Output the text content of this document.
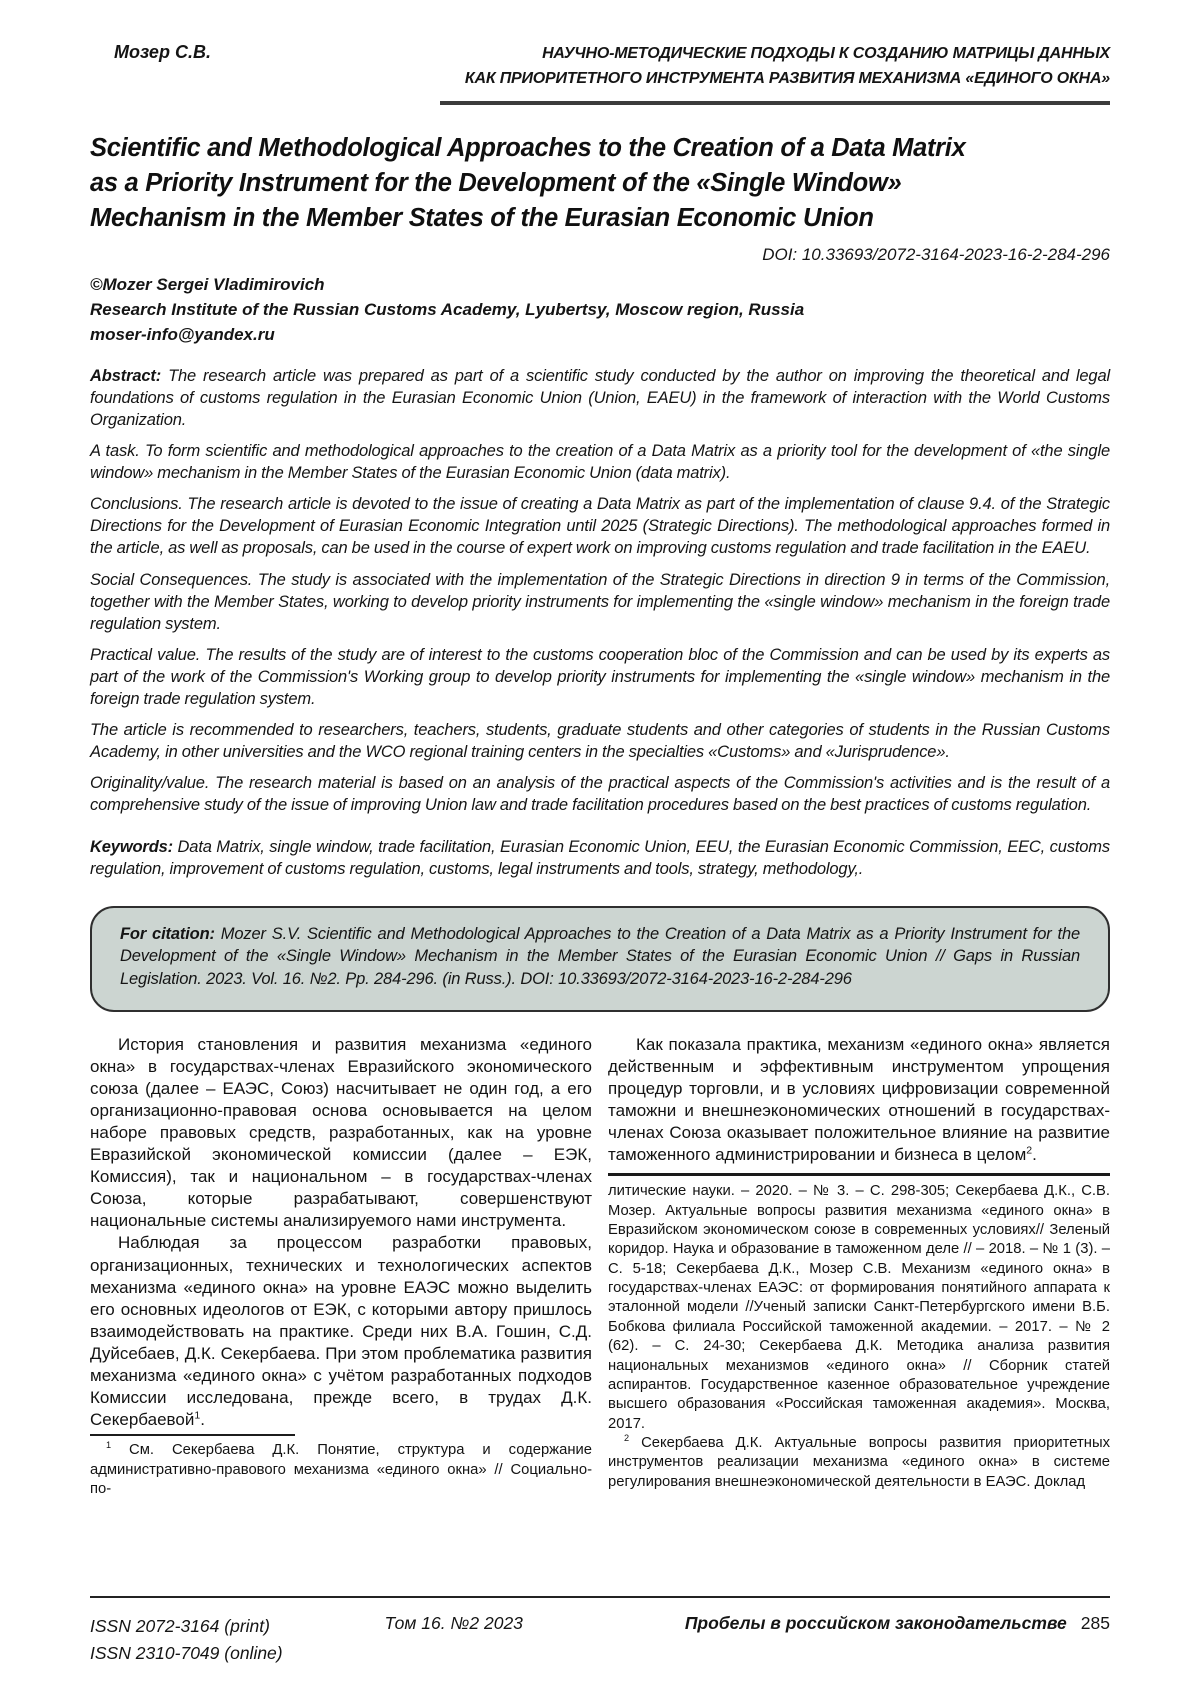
Мозер С.В.	НАУЧНО-МЕТОДИЧЕСКИЕ ПОДХОДЫ К СОЗДАНИЮ МАТРИЦЫ ДАННЫХ
КАК ПРИОРИТЕТНОГО ИНСТРУМЕНТА РАЗВИТИЯ МЕХАНИЗМА «ЕДИНОГО ОКНА»
Scientific and Methodological Approaches to the Creation of a Data Matrix
as a Priority Instrument for the Development of the «Single Window»
Mechanism in the Member States of the Eurasian Economic Union
DOI: 10.33693/2072-3164-2023-16-2-284-296
©Mozer Sergei Vladimirovich
Research Institute of the Russian Customs Academy, Lyubertsy, Moscow region, Russia
moser-info@yandex.ru

Abstract: The research article was prepared as part of a scientific study conducted by the author on improving the theoretical and legal foundations of customs regulation in the Eurasian Economic Union (Union, EAEU) in the framework of interaction with the World Customs Organization.

A task. To form scientific and methodological approaches to the creation of a Data Matrix as a priority tool for the development of «the single window» mechanism in the Member States of the Eurasian Economic Union (data matrix).

Conclusions. The research article is devoted to the issue of creating a Data Matrix as part of the implementation of clause 9.4. of the Strategic Directions for the Development of Eurasian Economic Integration until 2025 (Strategic Directions). The methodological approaches formed in the article, as well as proposals, can be used in the course of expert work on improving customs regulation and trade facilitation in the EAEU.

Social Consequences. The study is associated with the implementation of the Strategic Directions in direction 9 in terms of the Commission, together with the Member States, working to develop priority instruments for implementing the «single window» mechanism in the foreign trade regulation system.

Practical value. The results of the study are of interest to the customs cooperation bloc of the Commission and can be used by its experts as part of the work of the Commission's Working group to develop priority instruments for implementing the «single window» mechanism in the foreign trade regulation system.

The article is recommended to researchers, teachers, students, graduate students and other categories of students in the Russian Customs Academy, in other universities and the WCO regional training centers in the specialties «Customs» and «Jurisprudence».

Originality/value. The research material is based on an analysis of the practical aspects of the Commission's activities and is the result of a comprehensive study of the issue of improving Union law and trade facilitation procedures based on the best practices of customs regulation.

Keywords: Data Matrix, single window, trade facilitation, Eurasian Economic Union, EEU, the Eurasian Economic Commission, EEC, customs regulation, improvement of customs regulation, customs, legal instruments and tools, strategy, methodology,.

For citation: Mozer S.V. Scientific and Methodological Approaches to the Creation of a Data Matrix as a Priority Instrument for the Development of the «Single Window» Mechanism in the Member States of the Eurasian Economic Union // Gaps in Russian Legislation. 2023. Vol. 16. №2. Pp. 284-296. (in Russ.). DOI: 10.33693/2072-3164-2023-16-2-284-296

История становления и развития механизма «единого окна» в государствах-членах Евразийского экономического союза (далее – ЕАЭС, Союз) насчитывает не один год, а его организационно-правовая основа основывается на целом наборе правовых средств, разработанных, как на уровне Евразийской экономической комиссии (далее – ЕЭК, Комиссия), так и национальном – в государствах-членах Союза, которые разрабатывают, совершенствуют национальные системы анализируемого нами инструмента.

Наблюдая за процессом разработки правовых, организационных, технических и технологических аспектов механизма «единого окна» на уровне ЕАЭС можно выделить его основных идеологов от ЕЭК, с которыми автору пришлось взаимодействовать на практике. Среди них В.А. Гошин, С.Д. Дуйсебаев, Д.К. Секербаева. При этом проблематика развития механизма «единого окна» с учётом разработанных подходов Комиссии исследована, прежде всего, в трудах Д.К. Секербаевой$^1$.

$^1$ См. Секербаева Д.К. Понятие, структура и содержание административно-правового механизма «единого окна» // Социально-по-

Как показала практика, механизм «единого окна» является действенным и эффективным инструментом упрощения процедур торговли, и в условиях цифровизации современной таможни и внешнеэкономических отношений в государствах-членах Союза оказывает положительное влияние на развитие таможенного администрировании и бизнеса в целом$^2$.

литические науки. – 2020. – № 3. – С. 298-305; Секербаева Д.К., С.В. Мозер. Актуальные вопросы развития механизма «единого окна» в Евразийском экономическом союзе в современных условиях// Зеленый коридор. Наука и образование в таможенном деле // – 2018. – № 1 (3). – С. 5-18; Секербаева Д.К., Мозер С.В. Механизм «единого окна» в государствах-членах ЕАЭС: от формирования понятийного аппарата к эталонной модели //Ученый записки Санкт-Петербургского имени В.Б. Бобкова филиала Российской таможенной академии. – 2017. – № 2 (62). – С. 24-30; Секербаева Д.К. Методика анализа развития национальных механизмов «единого окна» // Сборник статей аспирантов. Государственное казенное образовательное учреждение высшего образования «Российская таможенная академия». Москва, 2017.

$^2$ Секербаева Д.К. Актуальные вопросы развития приоритетных инструментов реализации механизма «единого окна» в системе регулирования внешнеэкономической деятельности в ЕАЭС. Доклад

ISSN 2072-3164 (print)
ISSN 2310-7049 (online)
Том 16. №2 2023	Пробелы в российском законодательстве 285
